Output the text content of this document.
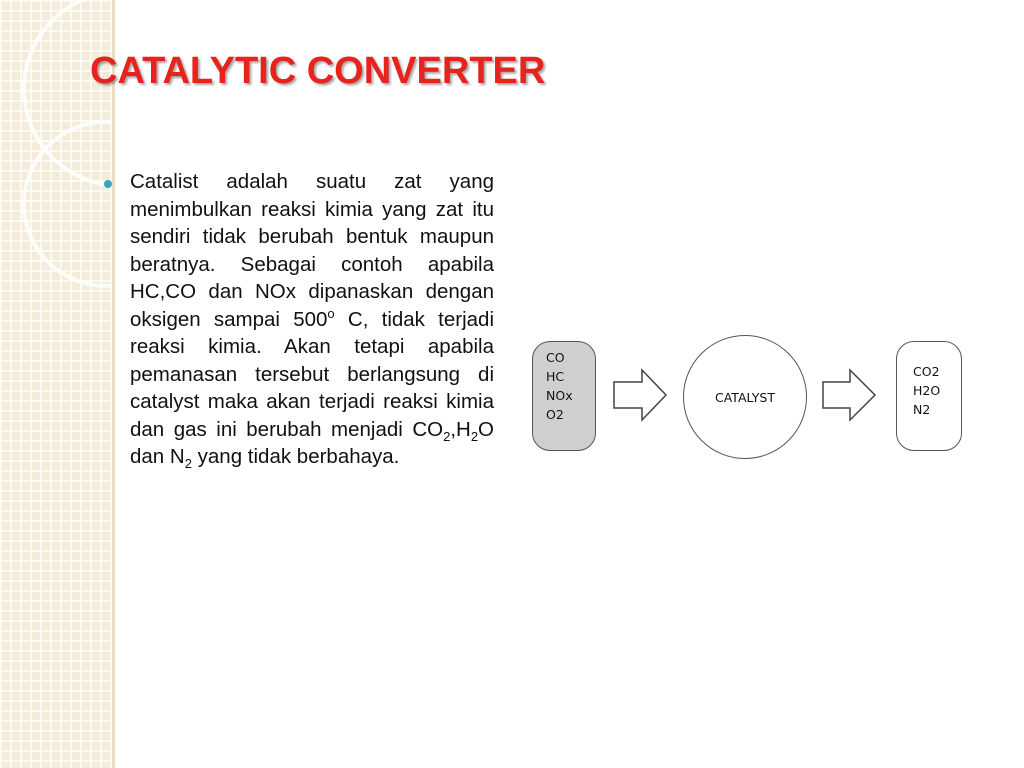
CATALYTIC CONVERTER

Catalist adalah suatu zat yang menimbulkan reaksi kimia yang zat itu sendiri tidak berubah bentuk maupun beratnya. Sebagai contoh apabila HC,CO dan NOx dipanaskan dengan oksigen sampai 500$^o$ C, tidak terjadi reaksi kimia. Akan tetapi apabila pemanasan tersebut berlangsung di catalyst maka akan terjadi reaksi kimia dan gas ini berubah menjadi $CO_2,H_2O$ dan $N_2$ yang tidak berbahaya.

CO
HC
NOx
O2
CATALYST
CO2
H2O
N2
